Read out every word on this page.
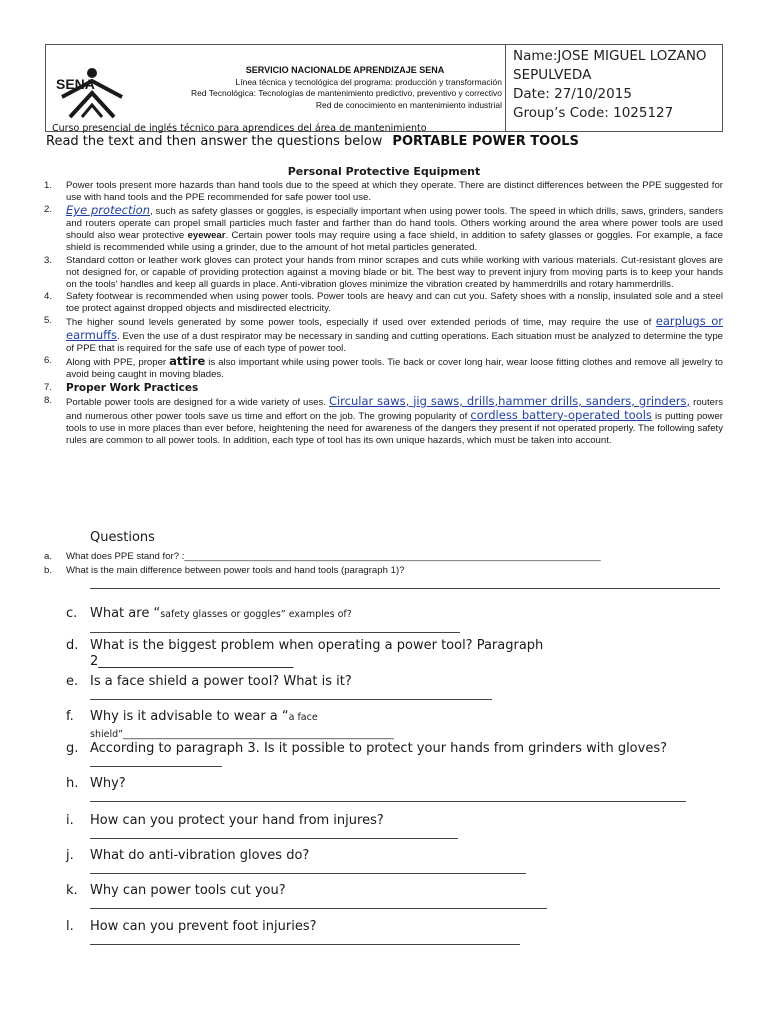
SENA
SERVICIO NACIONALDE APRENDIZAJE SENA
Línea técnica y tecnológica del programa: producción y transformación
Red Tecnológica: Tecnologías de mantenimiento predictivo, preventivo y correctivo
Red de conocimiento en mantenimiento industrial
Curso presencial de inglés técnico para aprendices del área de mantenimiento
Name:JOSE MIGUEL LOZANO
SEPULVEDA
Date: 27/10/2015
Group’s Code: 1025127
Read the text and then answer the questions below PORTABLE POWER TOOLS
Personal Protective Equipment
1. Power tools present more hazards than hand tools due to the speed at which they operate. There are distinct differences between the PPE suggested for use with hand tools and the PPE recommended for safe power tool use.
2. Eye protection, such as safety glasses or goggles, is especially important when using power tools. The speed in which drills, saws, grinders, sanders and routers operate can propel small particles much faster and farther than do hand tools. Others working around the area where power tools are used should also wear protective eyewear. Certain power tools may require using a face shield, in addition to safety glasses or goggles. For example, a face shield is recommended while using a grinder, due to the amount of hot metal particles generated.
3. Standard cotton or leather work gloves can protect your hands from minor scrapes and cuts while working with various materials. Cut-resistant gloves are not designed for, or capable of providing protection against a moving blade or bit. The best way to prevent injury from moving parts is to keep your hands on the tools' handles and keep all guards in place. Anti-vibration gloves minimize the vibration created by hammerdrills and rotary hammerdrills.
4. Safety footwear is recommended when using power tools. Power tools are heavy and can cut you. Safety shoes with a nonslip, insulated sole and a steel toe protect against dropped objects and misdirected electricity.
5. The higher sound levels generated by some power tools, especially if used over extended periods of time, may require the use of earplugs or earmuffs. Even the use of a dust respirator may be necessary in sanding and cutting operations. Each situation must be analyzed to determine the type of PPE that is required for the safe use of each type of power tool.
6. Along with PPE, proper attire is also important while using power tools. Tie back or cover long hair, wear loose fitting clothes and remove all jewelry to avoid being caught in moving blades.
7. Proper Work Practices
8. Portable power tools are designed for a wide variety of uses. Circular saws, jig saws, drills,hammer drills, sanders, grinders, routers and numerous other power tools save us time and effort on the job. The growing popularity of cordless battery-operated tools is putting power tools to use in more places than ever before, heightening the need for awareness of the dangers they present if not operated properly. The following safety rules are common to all power tools. In addition, each type of tool has its own unique hazards, which must be taken into account.
Questions
a. What does PPE stand for? :______________________________________________________________________________
b. What is the main difference between power tools and hand tools (paragraph 1)?
c. What are “safety glasses or goggles” examples of?
d. What is the biggest problem when operating a power tool? Paragraph
2______________________________
e. Is a face shield a power tool? What is it?
f. Why is it advisable to wear a “a face
shield”_________________________________________________________
g. According to paragraph 3. Is it possible to protect your hands from grinders with gloves?
h. Why?
i. How can you protect your hand from injures?
j. What do anti-vibration gloves do?
k. Why can power tools cut you?
l. How can you prevent foot injuries?
